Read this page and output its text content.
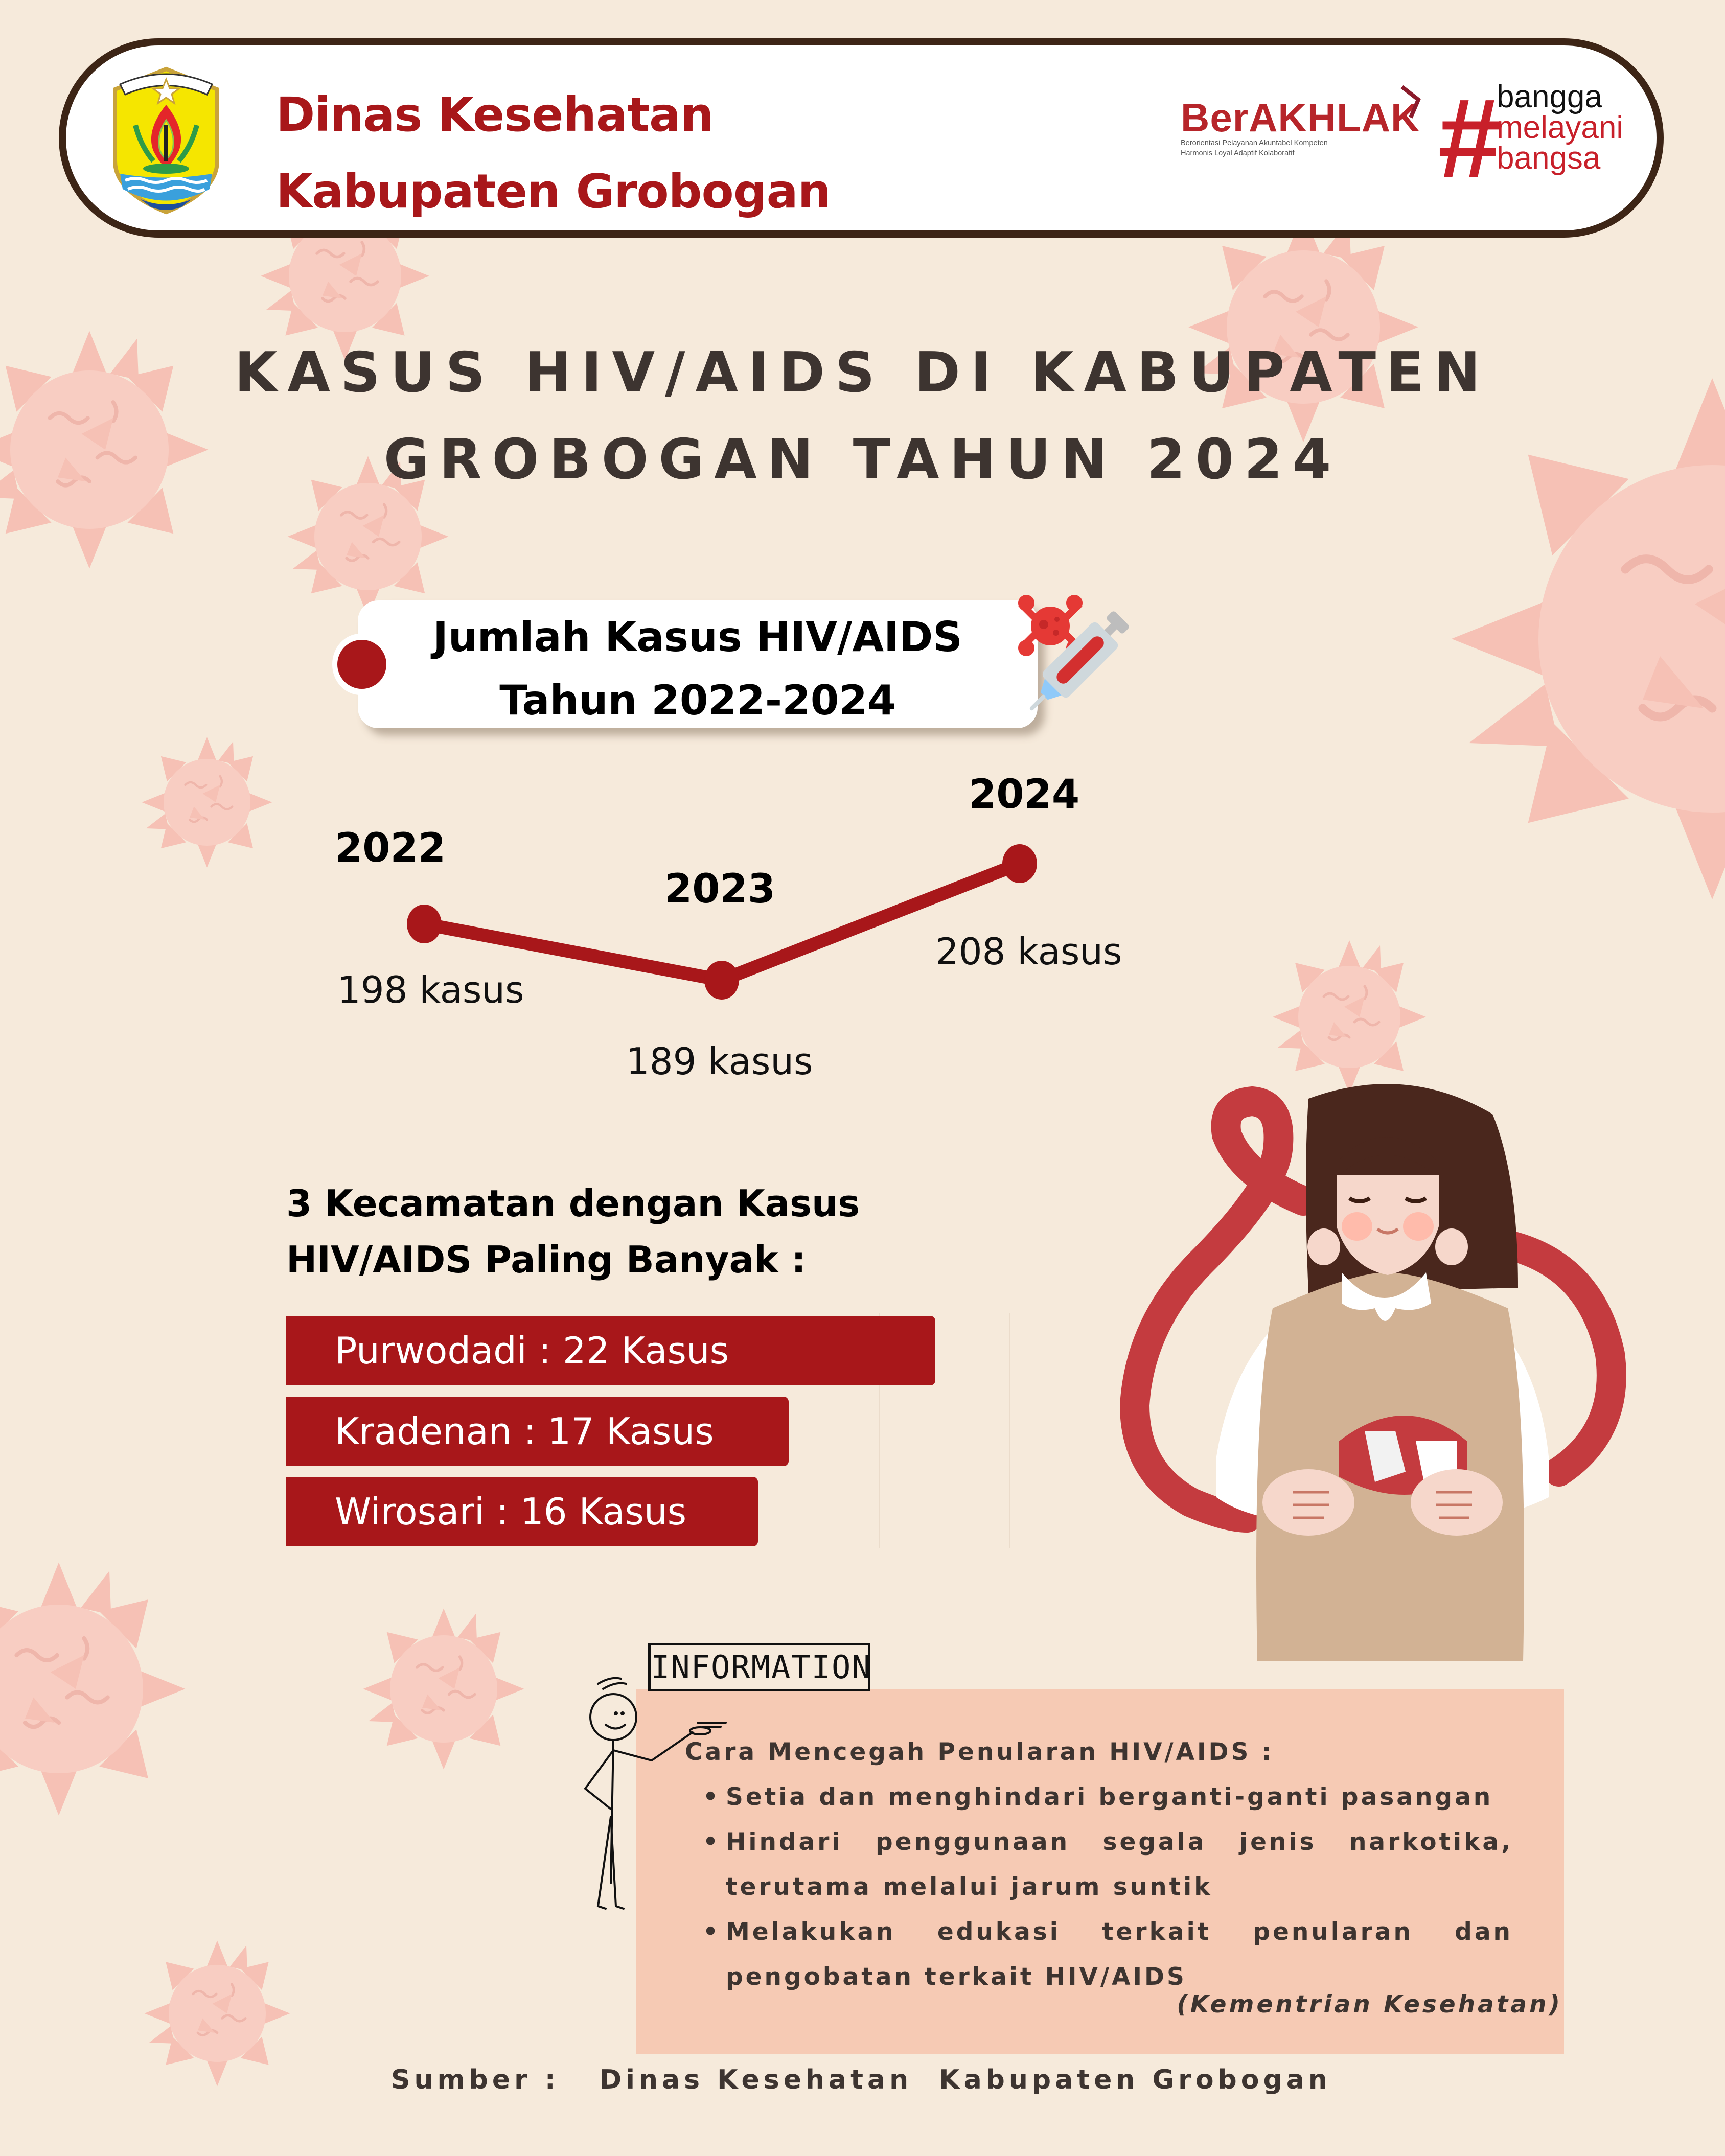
Dinas Kesehatan
Kabupaten Grobogan
BerAKHLAK
Berorientasi Pelayanan Akuntabel Kompeten
Harmonis Loyal Adaptif Kolaboratif	#
bangga
melayani
bangsa
KASUS HIV/AIDS DI KABUPATEN
GROBOGAN TAHUN 2024
Jumlah Kasus HIV/AIDS
Tahun 2022-2024
2022
2023
2024
198 kasus
189 kasus
208 kasus
3 Kecamatan dengan Kasus
HIV/AIDS Paling Banyak :
Purwodadi : 22 Kasus
Kradenan : 17 Kasus
Wirosari : 16 Kasus
INFORMATION
Cara Mencegah Penularan HIV/AIDS :
• Setia dan menghindari berganti-ganti pasangan
• Hindari penggunaan segala jenis narkotika, terutama melalui jarum suntik
• Melakukan edukasi terkait penularan dan pengobatan terkait HIV/AIDS
(Kementrian Kesehatan)
Sumber :   Dinas Kesehatan  Kabupaten Grobogan
